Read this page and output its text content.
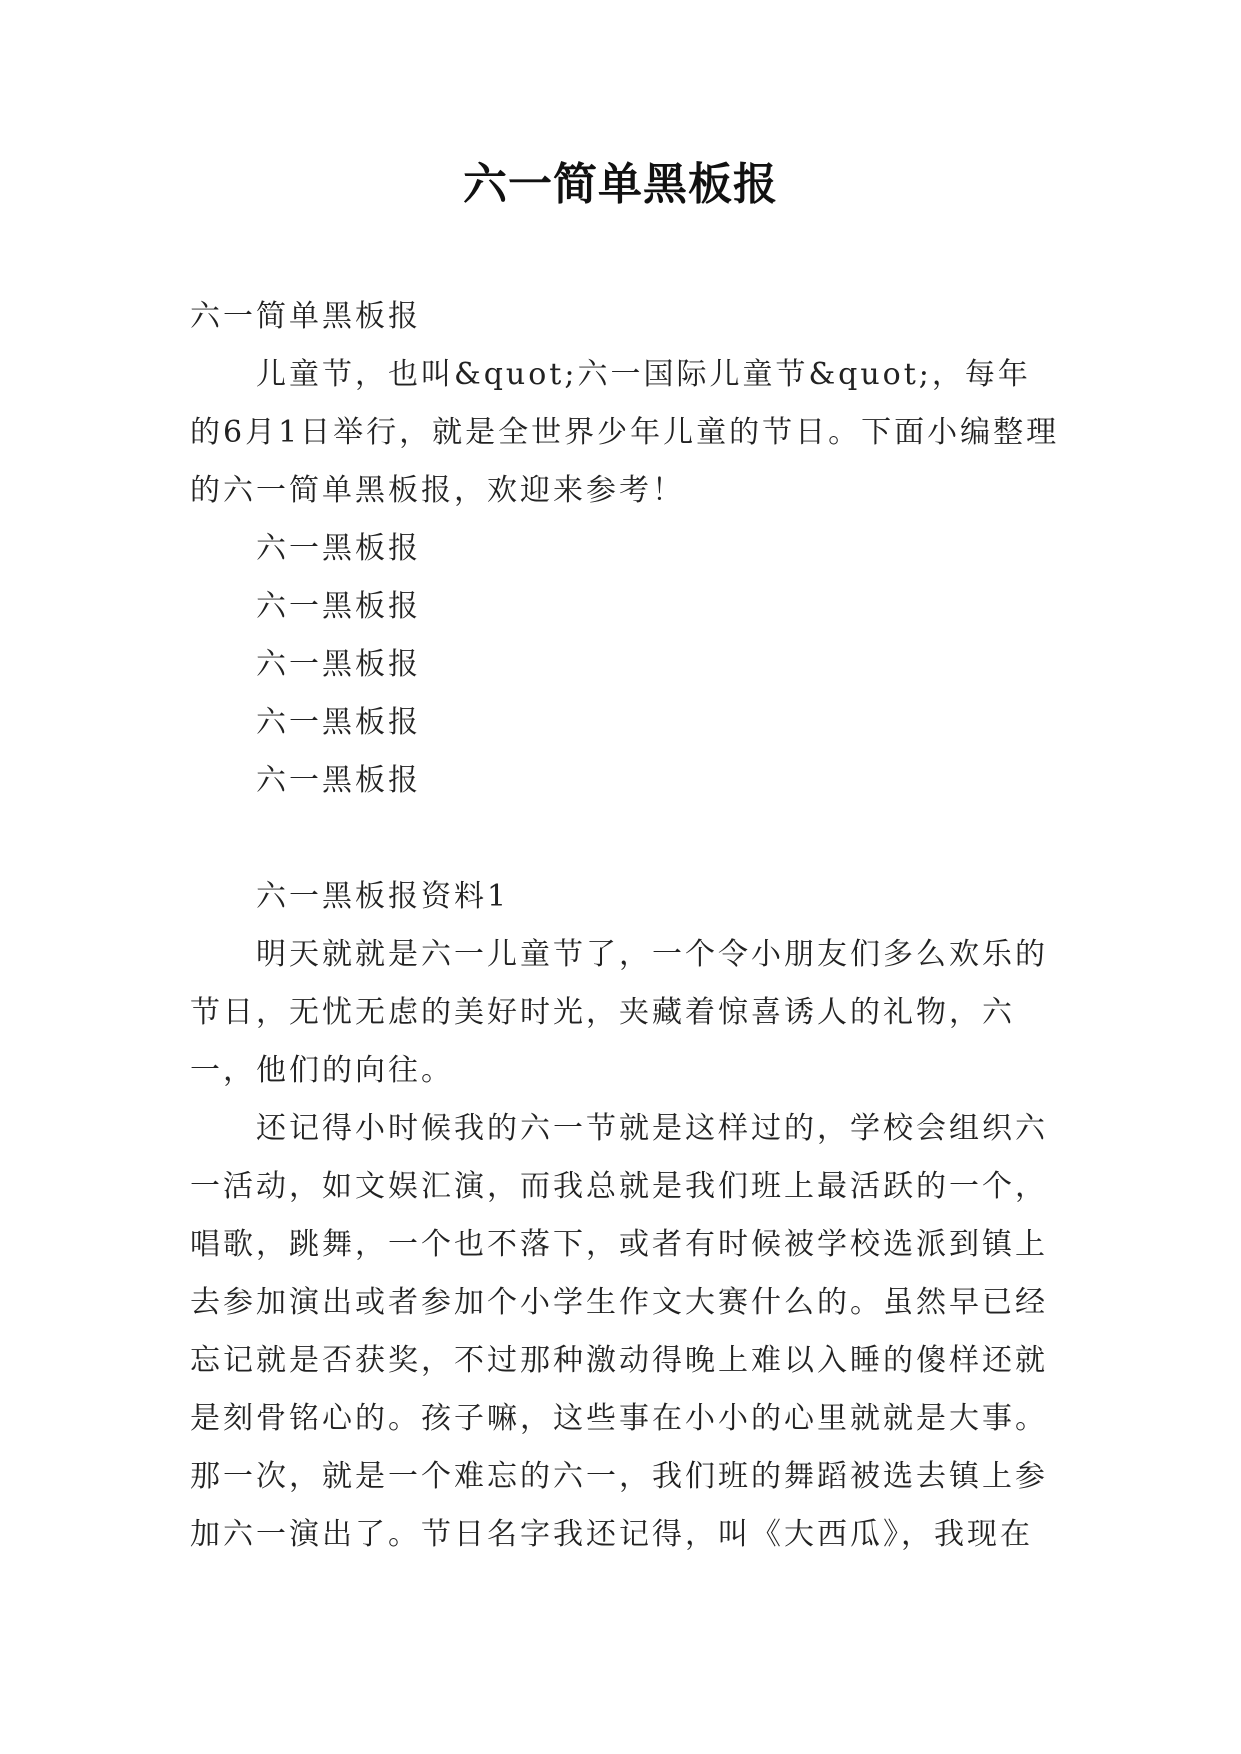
六一简单黑板报

六一简单黑板报

儿童节，也叫&quot;六一国际儿童节&quot;，每年的6月1日举行，就是全世界少年儿童的节日。下面小编整理的六一简单黑板报，欢迎来参考！

六一黑板报

六一黑板报

六一黑板报

六一黑板报

六一黑板报

六一黑板报资料1

明天就就是六一儿童节了，一个令小朋友们多么欢乐的节日，无忧无虑的美好时光，夹藏着惊喜诱人的礼物，六一，他们的向往。

还记得小时候我的六一节就是这样过的，学校会组织六一活动，如文娱汇演，而我总就是我们班上最活跃的一个，唱歌，跳舞，一个也不落下，或者有时候被学校选派到镇上去参加演出或者参加个小学生作文大赛什么的。虽然早已经忘记就是否获奖，不过那种激动得晚上难以入睡的傻样还就是刻骨铭心的。孩子嘛，这些事在小小的心里就就是大事。那一次，就是一个难忘的六一，我们班的舞蹈被选去镇上参加六一演出了。节日名字我还记得，叫《大西瓜》，我现在
